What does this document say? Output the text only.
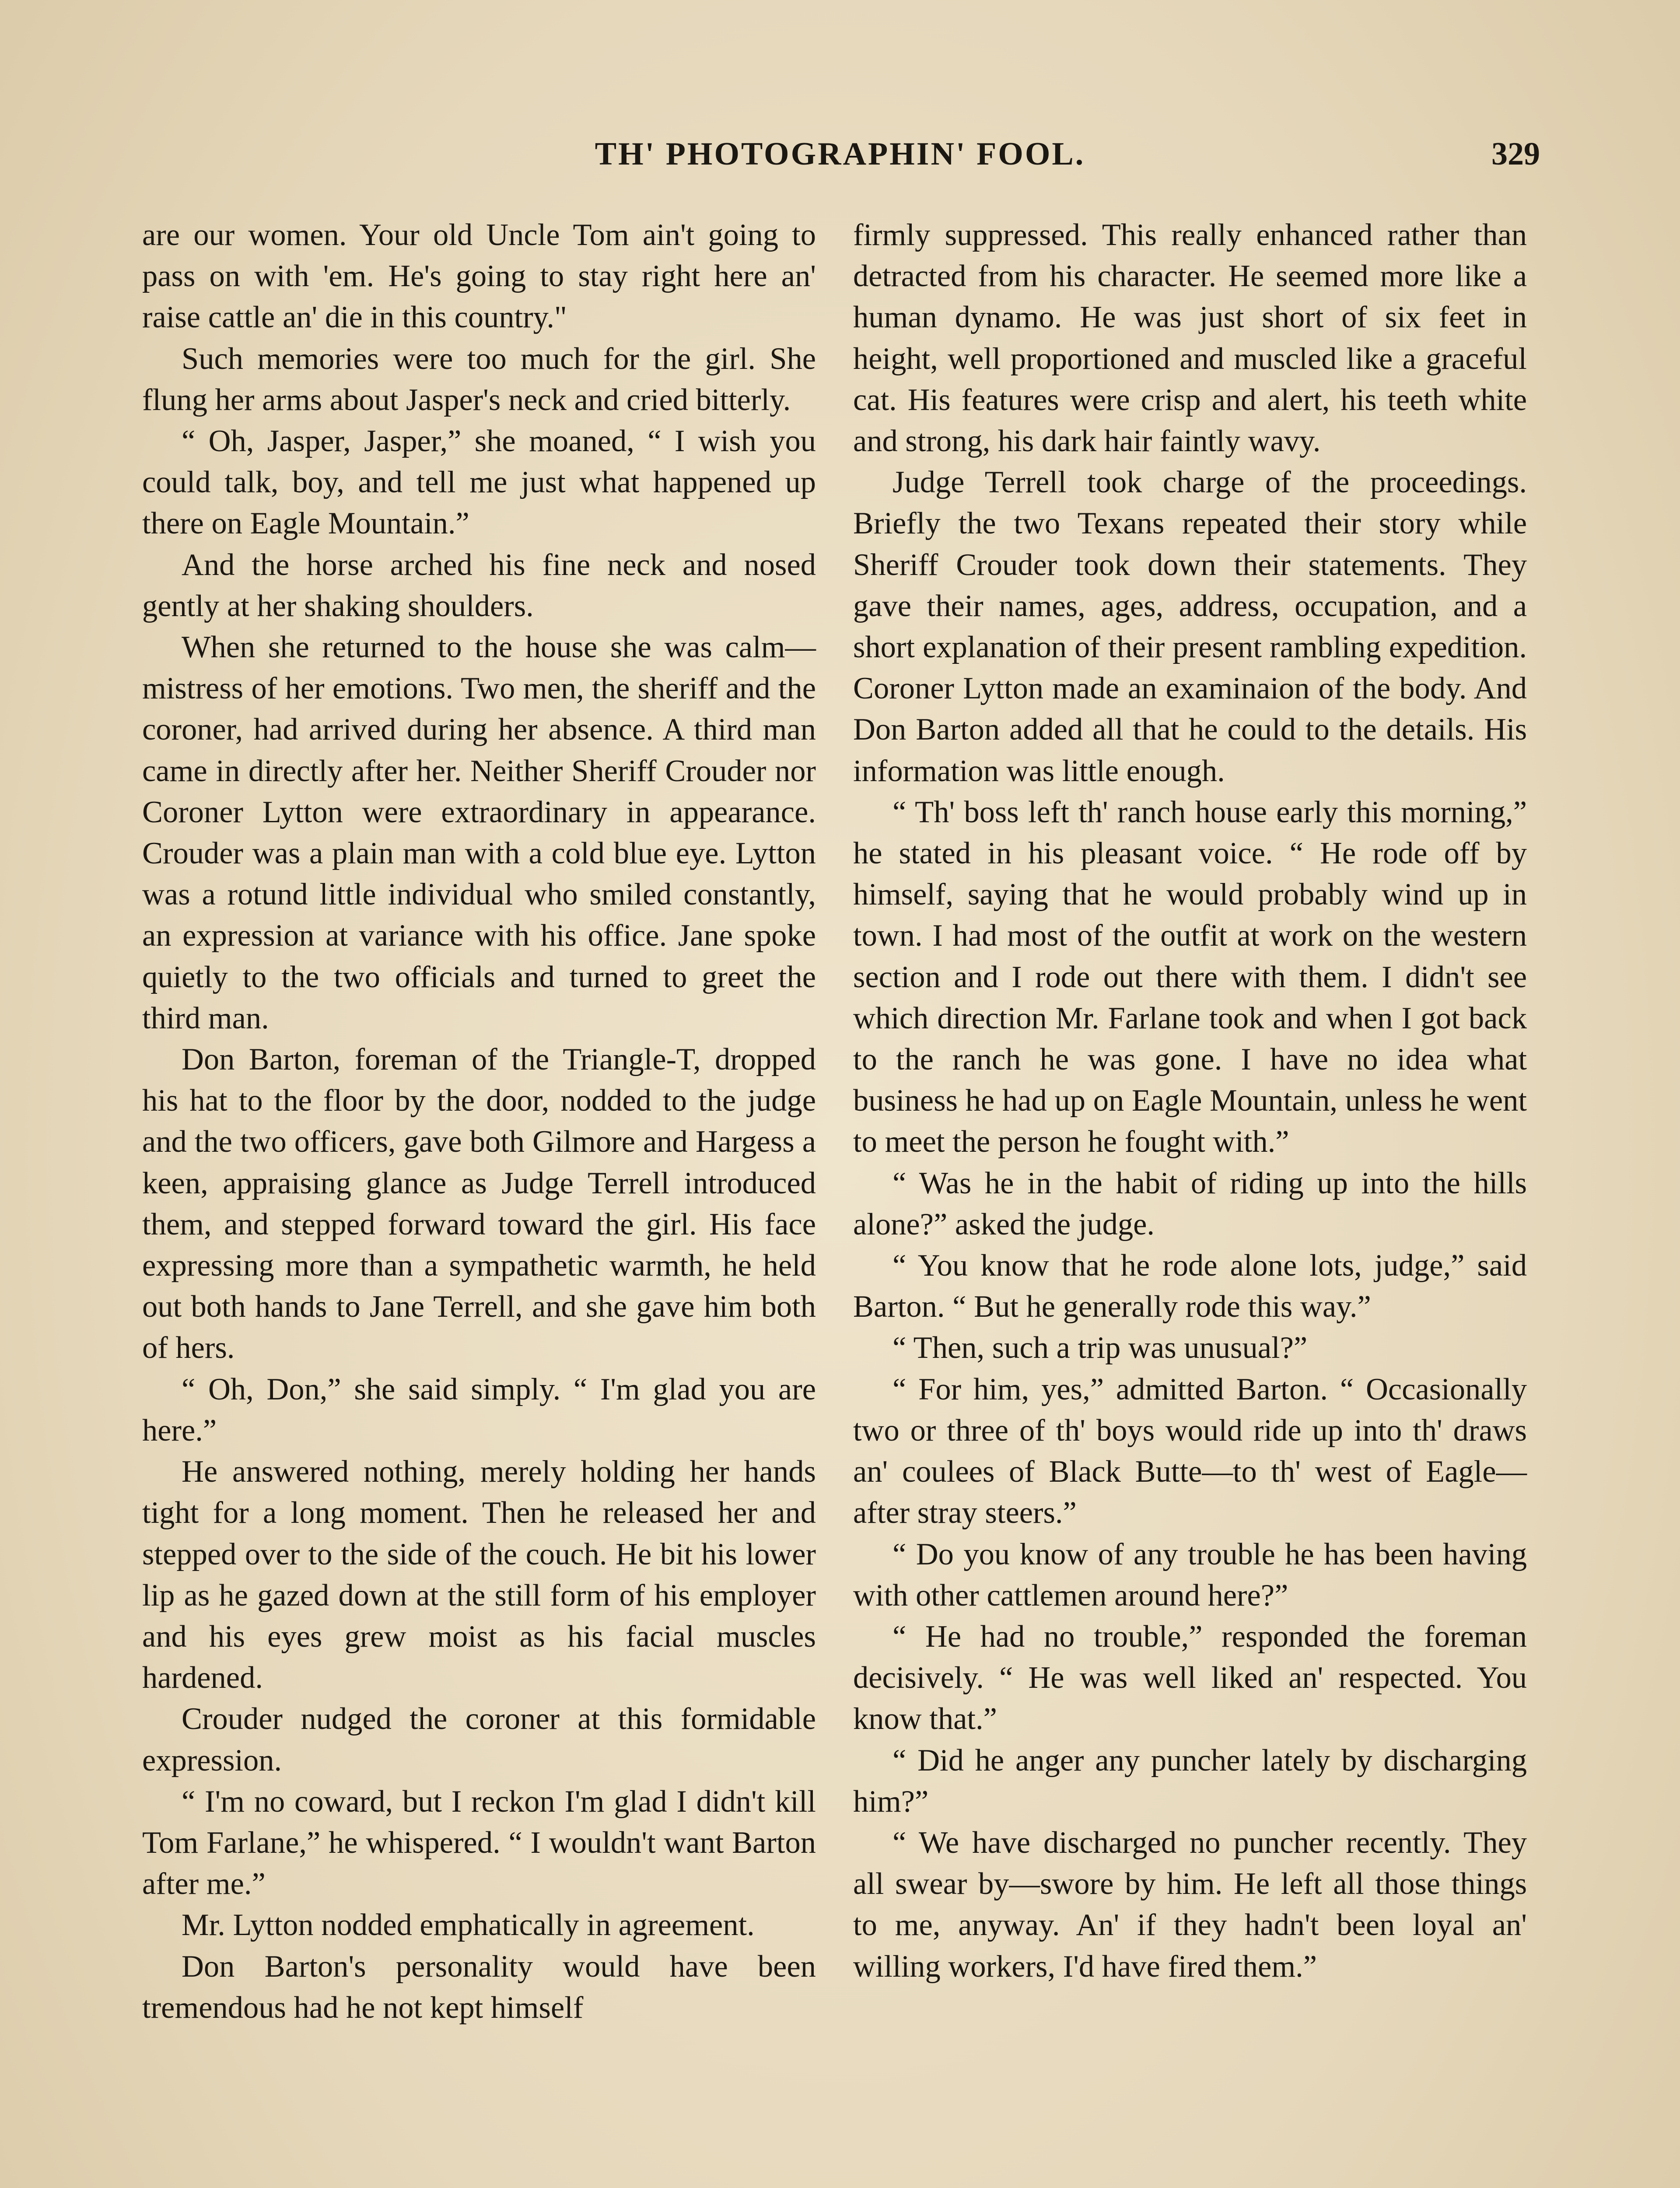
TH' PHOTOGRAPHIN' FOOL.	329

are our women. Your old Uncle Tom ain't going to pass on with 'em. He's going to stay right here an' raise cattle an' die in this country."

Such memories were too much for the girl. She flung her arms about Jasper's neck and cried bitterly.

“ Oh, Jasper, Jasper,” she moaned, “ I wish you could talk, boy, and tell me just what happened up there on Eagle Mountain.”

And the horse arched his fine neck and nosed gently at her shaking shoulders.

When she returned to the house she was calm—mistress of her emotions. Two men, the sheriff and the coroner, had arrived during her absence. A third man came in directly after her. Neither Sheriff Crouder nor Coroner Lytton were extraordinary in appearance. Crouder was a plain man with a cold blue eye. Lytton was a rotund little individual who smiled constantly, an expression at variance with his office. Jane spoke quietly to the two officials and turned to greet the third man.

Don Barton, foreman of the Triangle-T, dropped his hat to the floor by the door, nodded to the judge and the two officers, gave both Gilmore and Hargess a keen, appraising glance as Judge Terrell introduced them, and stepped forward toward the girl. His face expressing more than a sympathetic warmth, he held out both hands to Jane Terrell, and she gave him both of hers.

“ Oh, Don,” she said simply. “ I'm glad you are here.”

He answered nothing, merely holding her hands tight for a long moment. Then he released her and stepped over to the side of the couch. He bit his lower lip as he gazed down at the still form of his employer and his eyes grew moist as his facial muscles hardened.

Crouder nudged the coroner at this formidable expression.

“ I'm no coward, but I reckon I'm glad I didn't kill Tom Farlane,” he whispered. “ I wouldn't want Barton after me.”

Mr. Lytton nodded emphatically in agreement.

Don Barton's personality would have been tremendous had he not kept himself

firmly suppressed. This really enhanced rather than detracted from his character. He seemed more like a human dynamo. He was just short of six feet in height, well proportioned and muscled like a graceful cat. His features were crisp and alert, his teeth white and strong, his dark hair faintly wavy.

Judge Terrell took charge of the proceedings. Briefly the two Texans repeated their story while Sheriff Crouder took down their statements. They gave their names, ages, address, occupation, and a short explanation of their present rambling expedition. Coroner Lytton made an examinaion of the body. And Don Barton added all that he could to the details. His information was little enough.

“ Th' boss left th' ranch house early this morning,” he stated in his pleasant voice. “ He rode off by himself, saying that he would probably wind up in town. I had most of the outfit at work on the western section and I rode out there with them. I didn't see which direction Mr. Farlane took and when I got back to the ranch he was gone. I have no idea what business he had up on Eagle Mountain, unless he went to meet the person he fought with.”

“ Was he in the habit of riding up into the hills alone?” asked the judge.

“ You know that he rode alone lots, judge,” said Barton. “ But he generally rode this way.”

“ Then, such a trip was unusual?”

“ For him, yes,” admitted Barton. “ Occasionally two or three of th' boys would ride up into th' draws an' coulees of Black Butte—to th' west of Eagle—after stray steers.”

“ Do you know of any trouble he has been having with other cattlemen around here?”

“ He had no trouble,” responded the foreman decisively. “ He was well liked an' respected. You know that.”

“ Did he anger any puncher lately by discharging him?”

“ We have discharged no puncher recently. They all swear by—swore by him. He left all those things to me, anyway. An' if they hadn't been loyal an' willing workers, I'd have fired them.”
